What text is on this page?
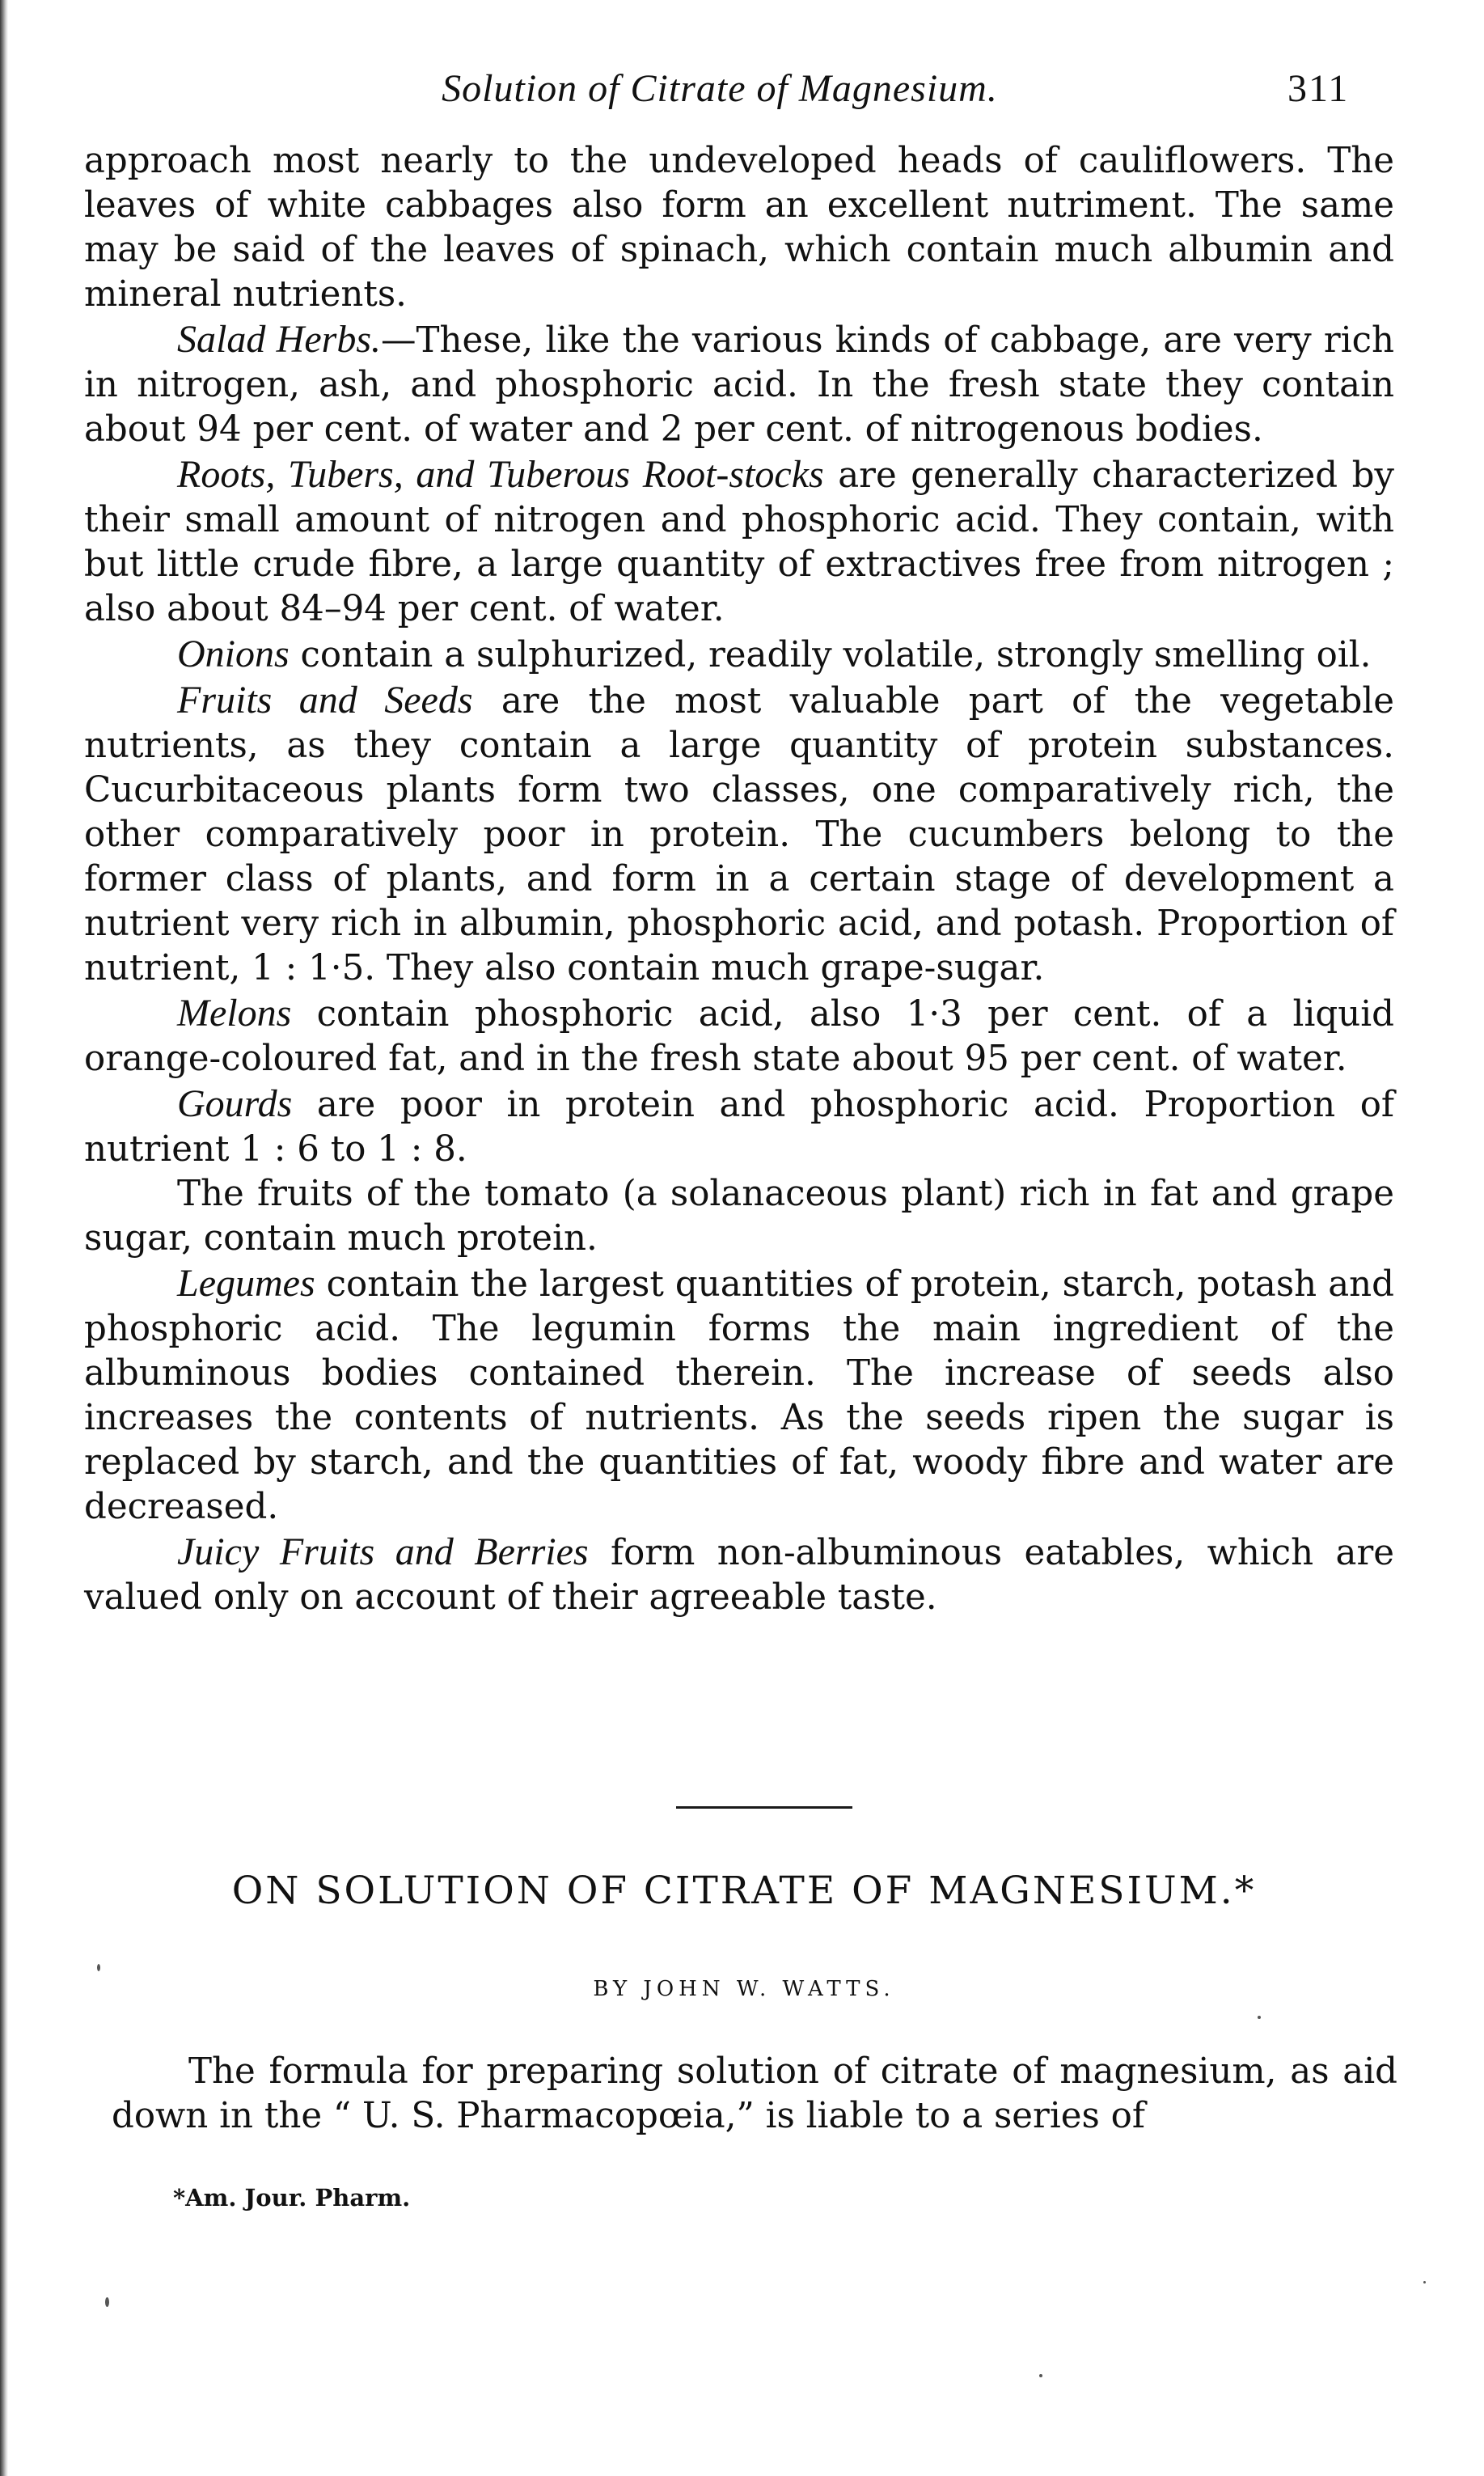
Solution of Citrate of Magnesium.	311

approach most nearly to the undeveloped heads of cauliflowers. The leaves of white cabbages also form an excellent nutriment. The same may be said of the leaves of spinach, which contain much albumin and mineral nutrients.

Salad Herbs.—These, like the various kinds of cabbage, are very rich in nitrogen, ash, and phosphoric acid. In the fresh state they contain about 94 per cent. of water and 2 per cent. of nitrogenous bodies.

Roots, Tubers, and Tuberous Root-stocks are generally characterized by their small amount of nitrogen and phosphoric acid. They contain, with but little crude fibre, a large quantity of extractives free from nitrogen ; also about 84–94 per cent. of water.

Onions contain a sulphurized, readily volatile, strongly smelling oil.

Fruits and Seeds are the most valuable part of the vegetable nutrients, as they contain a large quantity of protein substances. Cucurbitaceous plants form two classes, one comparatively rich, the other comparatively poor in protein. The cucumbers belong to the former class of plants, and form in a certain stage of development a nutrient very rich in albumin, phosphoric acid, and potash. Proportion of nutrient, 1 : 1·5. They also contain much grape-sugar.

Melons contain phosphoric acid, also 1·3 per cent. of a liquid orange-coloured fat, and in the fresh state about 95 per cent. of water.

Gourds are poor in protein and phosphoric acid. Proportion of nutrient 1 : 6 to 1 : 8.

The fruits of the tomato (a solanaceous plant) rich in fat and grape sugar, contain much protein.

Legumes contain the largest quantities of protein, starch, potash and phosphoric acid. The legumin forms the main ingredient of the albuminous bodies contained therein. The increase of seeds also increases the contents of nutrients. As the seeds ripen the sugar is replaced by starch, and the quantities of fat, woody fibre and water are decreased.

Juicy Fruits and Berries form non-albuminous eatables, which are valued only on account of their agreeable taste.

ON SOLUTION OF CITRATE OF MAGNESIUM.*
BY JOHN W. WATTS.

The formula for preparing solution of citrate of magnesium, as aid down in the “ U. S. Pharmacopœia,” is liable to a series of

*Am. Jour. Pharm.
